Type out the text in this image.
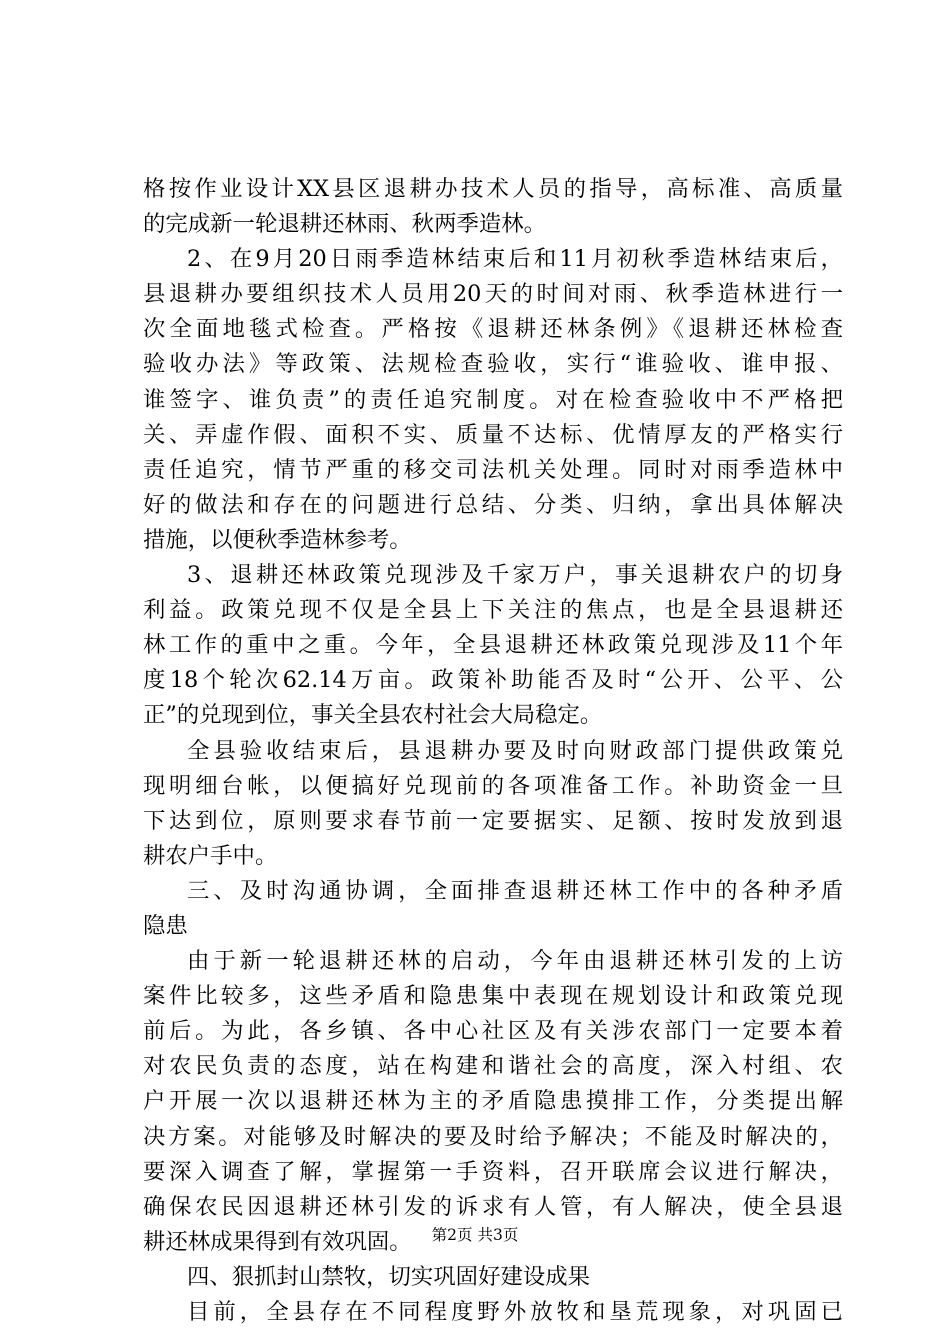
格按作业设计XX县区退耕办技术人员的指导，高标准、高质量
的完成新一轮退耕还林雨、秋两季造林。
2、在9月20日雨季造林结束后和11月初秋季造林结束后，
县退耕办要组织技术人员用20天的时间对雨、秋季造林进行一
次全面地毯式检查。严格按《退耕还林条例》《退耕还林检查
验收办法》等政策、法规检查验收，实行“谁验收、谁申报、
谁签字、谁负责”的责任追究制度。对在检查验收中不严格把
关、弄虚作假、面积不实、质量不达标、优情厚友的严格实行
责任追究，情节严重的移交司法机关处理。同时对雨季造林中
好的做法和存在的问题进行总结、分类、归纳，拿出具体解决
措施，以便秋季造林参考。
3、退耕还林政策兑现涉及千家万户，事关退耕农户的切身
利益。政策兑现不仅是全县上下关注的焦点，也是全县退耕还
林工作的重中之重。今年，全县退耕还林政策兑现涉及11个年
度18个轮次62.14万亩。政策补助能否及时“公开、公平、公
正”的兑现到位，事关全县农村社会大局稳定。
全县验收结束后，县退耕办要及时向财政部门提供政策兑
现明细台帐，以便搞好兑现前的各项准备工作。补助资金一旦
下达到位，原则要求春节前一定要据实、足额、按时发放到退
耕农户手中。
三、及时沟通协调，全面排查退耕还林工作中的各种矛盾
隐患
由于新一轮退耕还林的启动，今年由退耕还林引发的上访
案件比较多，这些矛盾和隐患集中表现在规划设计和政策兑现
前后。为此，各乡镇、各中心社区及有关涉农部门一定要本着
对农民负责的态度，站在构建和谐社会的高度，深入村组、农
户开展一次以退耕还林为主的矛盾隐患摸排工作，分类提出解
决方案。对能够及时解决的要及时给予解决；不能及时解决的，
要深入调查了解，掌握第一手资料，召开联席会议进行解决，
确保农民因退耕还林引发的诉求有人管，有人解决，使全县退
耕还林成果得到有效巩固。
四、狠抓封山禁牧，切实巩固好建设成果
目前，全县存在不同程度野外放牧和垦荒现象，对巩固已
第2页 共3页
